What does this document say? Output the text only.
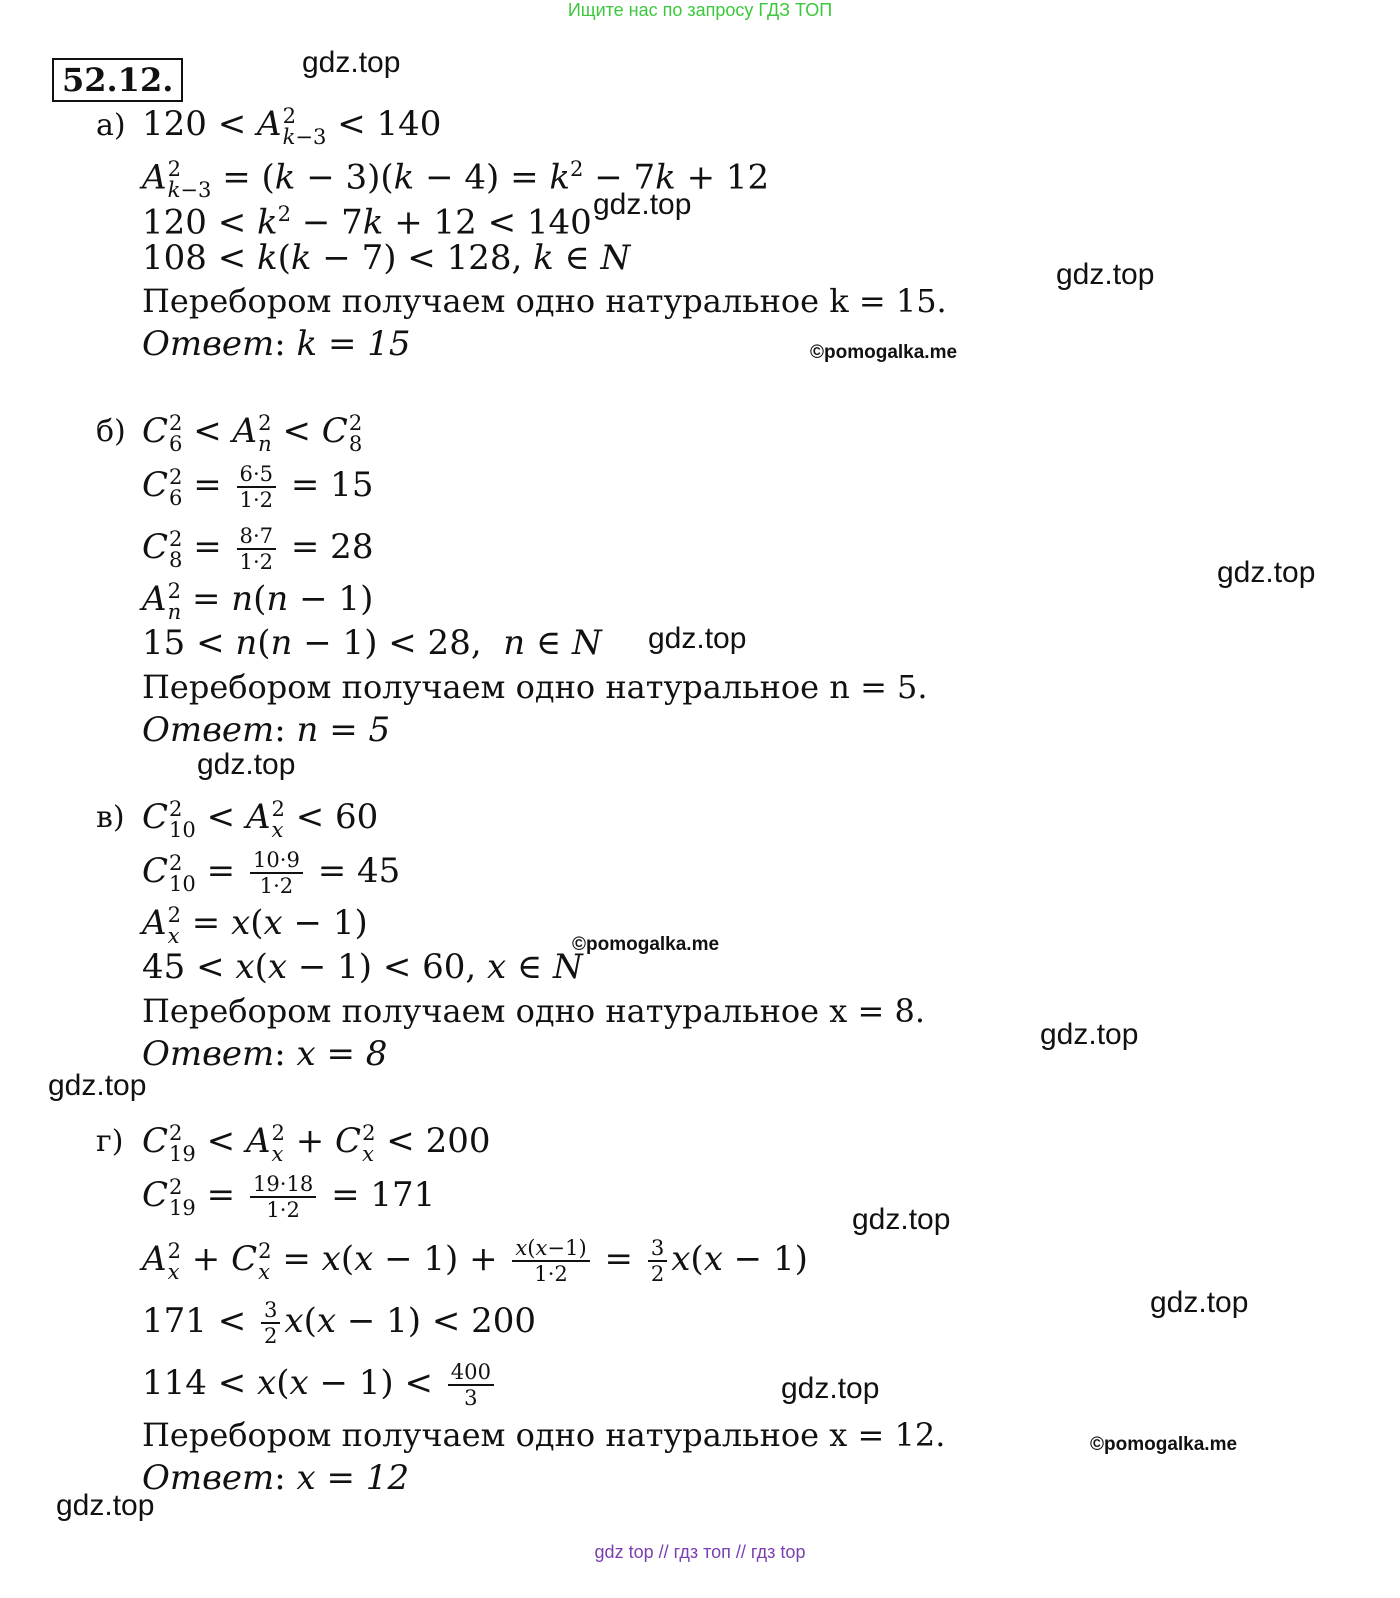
Ищите нас по запросу ГДЗ ТОП
52.12.	gdz.top
gdz.top
gdz.top
gdz.top
gdz.top
gdz.top
gdz.top
gdz.top
gdz.top
gdz.top
gdz.top
gdz.top
©pomogalka.me
©pomogalka.me
©pomogalka.me
а) 120 < A 2
k−3 < 140
A 2
$k-3 = (k - 3)(k - 4) = k^2 - 7k + 12$
$120 < k^2 - 7k + 12 < 140$
108 < k(k − 7) < 128, k ∈ N
Перебором получаем одно натуральное k = 15.
Ответ: k = 15
б) C 2
6 < A 2
n < C 2
8
C 2
$6 = \frac{6\cdot 5}{1\cdot 2} = 15$
C 2
$8 = \frac{8\cdot 7}{1\cdot 2} = 28$
A 2
n = n(n − 1)
15 < n(n − 1) < 28,  n ∈ N
Перебором получаем одно натуральное n = 5.
Ответ: n = 5
в) C 2
10 < A 2
x < 60
C 2
$10 = \frac{10\cdot 9}{1\cdot 2} = 45$
A 2
x = x(x − 1)
45 < x(x − 1) < 60, x ∈ N
Перебором получаем одно натуральное x = 8.
Ответ: x = 8
г) C 2
19 < A 2
x + C 2
x < 200
C 2
$19 = \frac{19\cdot 18}{1\cdot 2} = 171$
A 2
x + C 2
$x = x(x - 1) + \frac{x(x-1)}{1\cdot 2} = \frac{3}{2} x(x - 1)$
$171 < \frac{3}{2} x(x - 1) < 200$
$114 < x(x - 1) < \frac{400}{3}$
Перебором получаем одно натуральное x = 12.
Ответ: x = 12
gdz top // гдз топ // гдз top
